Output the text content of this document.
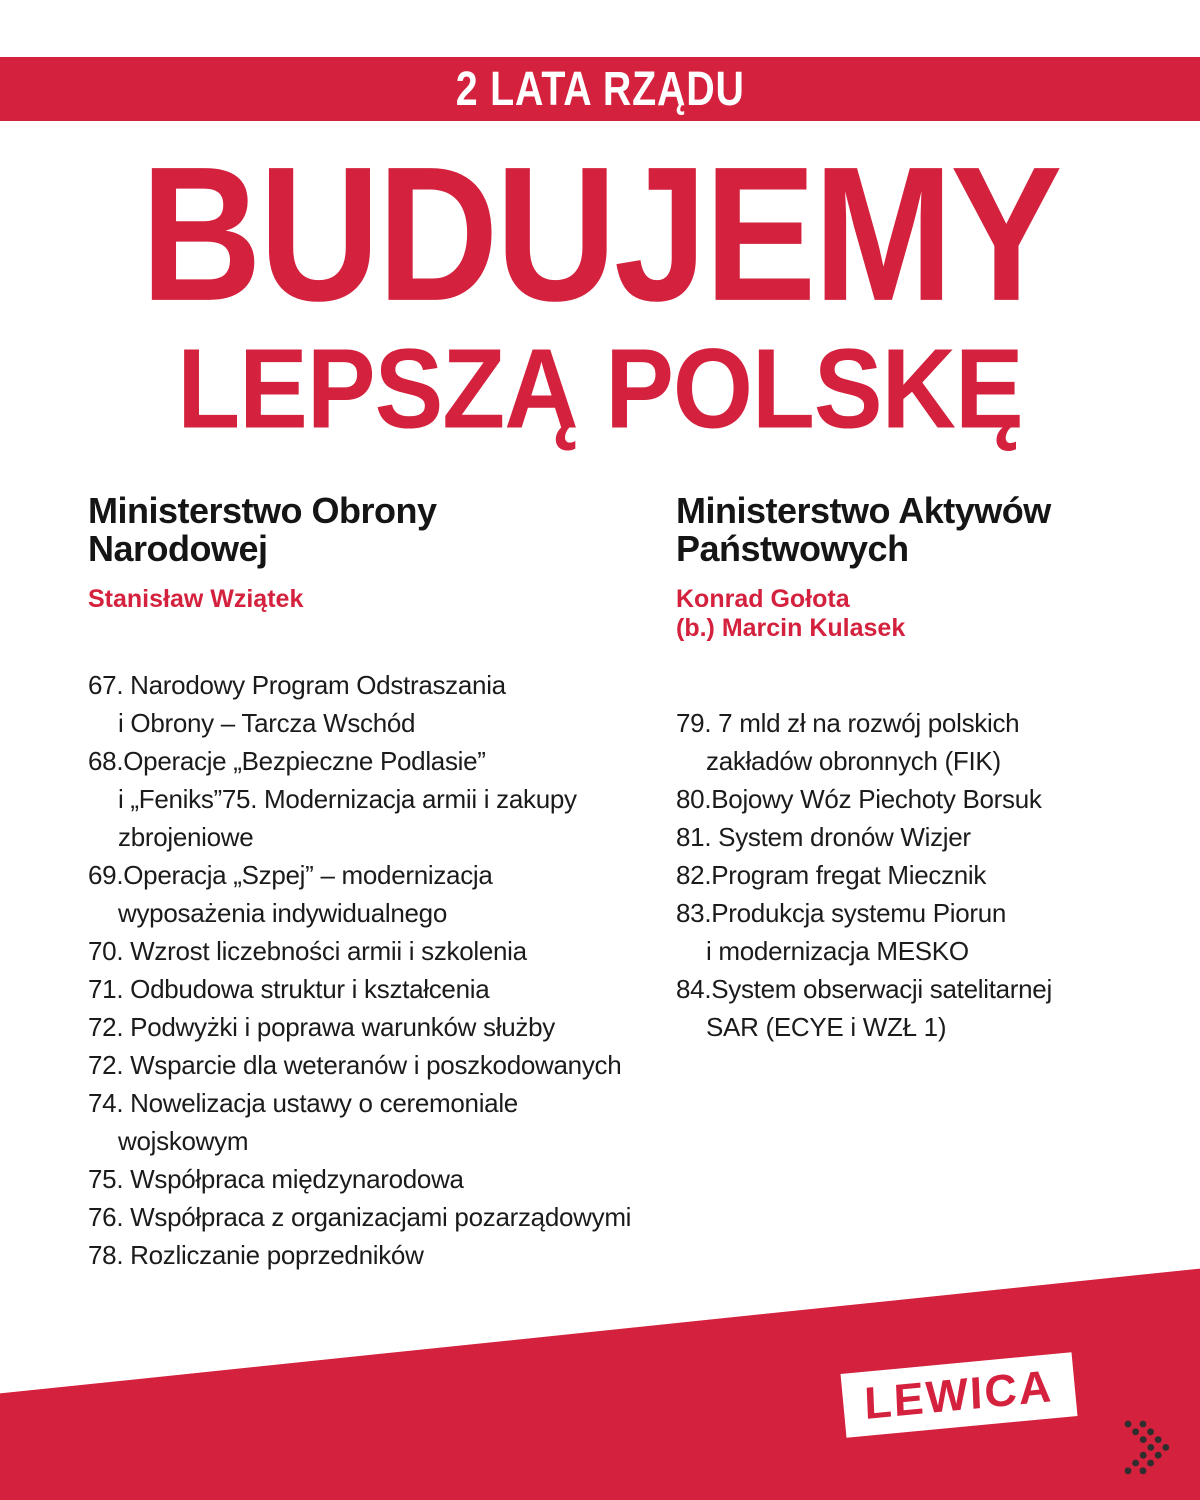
2 LATA RZĄDU
BUDUJEMY
LEPSZĄ POLSKĘ
Ministerstwo Obrony Narodowej
Stanisław Wziątek
67. Narodowy Program Odstraszania
i Obrony – Tarcza Wschód
68.Operacje „Bezpieczne Podlasie”
i „Feniks”75. Modernizacja armii i zakupy
zbrojeniowe
69.Operacja „Szpej” – modernizacja
wyposażenia indywidualnego
70. Wzrost liczebności armii i szkolenia
71. Odbudowa struktur i kształcenia
72. Podwyżki i poprawa warunków służby
72. Wsparcie dla weteranów i poszkodowanych
74. Nowelizacja ustawy o ceremoniale
wojskowym
75. Współpraca międzynarodowa
76. Współpraca z organizacjami pozarządowymi
78. Rozliczanie poprzedników
Ministerstwo Aktywów Państwowych
Konrad Gołota
(b.) Marcin Kulasek
79. 7 mld zł na rozwój polskich
zakładów obronnych (FIK)
80.Bojowy Wóz Piechoty Borsuk
81. System dronów Wizjer
82.Program fregat Miecznik
83.Produkcja systemu Piorun
i modernizacja MESKO
84.System obserwacji satelitarnej
SAR (ECYE i WZŁ 1)
LEWICA
